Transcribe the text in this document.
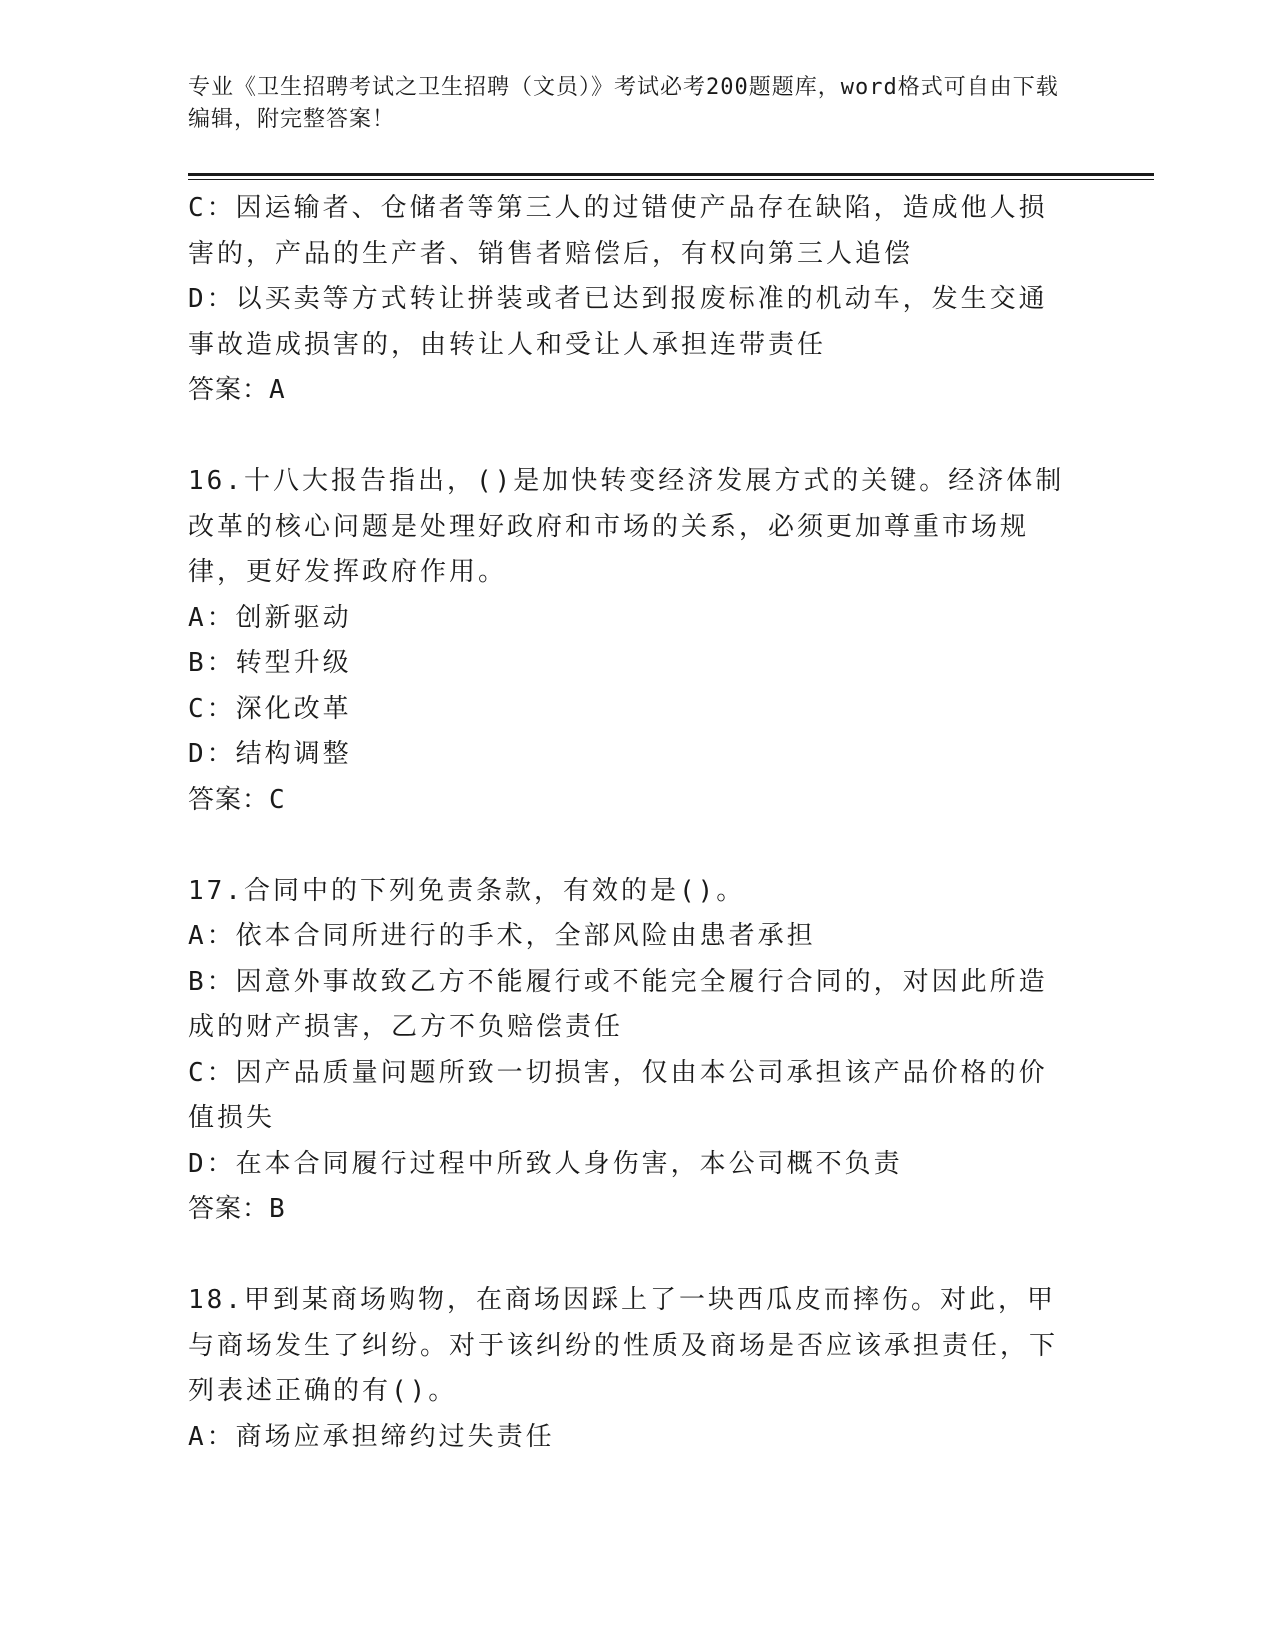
专业《卫生招聘考试之卫生招聘（文员）》考试必考200题题库，word格式可自由下载编辑，附完整答案！

C：因运输者、仓储者等第三人的过错使产品存在缺陷，造成他人损害的，产品的生产者、销售者赔偿后，有权向第三人追偿

D：以买卖等方式转让拼装或者已达到报废标准的机动车，发生交通事故造成损害的，由转让人和受让人承担连带责任

答案：A

16.十八大报告指出，()是加快转变经济发展方式的关键。经济体制改革的核心问题是处理好政府和市场的关系，必须更加尊重市场规律，更好发挥政府作用。

A：创新驱动

B：转型升级

C：深化改革

D：结构调整

答案：C

17.合同中的下列免责条款，有效的是()。

A：依本合同所进行的手术，全部风险由患者承担

B：因意外事故致乙方不能履行或不能完全履行合同的，对因此所造成的财产损害，乙方不负赔偿责任

C：因产品质量问题所致一切损害，仅由本公司承担该产品价格的价值损失

D：在本合同履行过程中所致人身伤害，本公司概不负责

答案：B

18.甲到某商场购物，在商场因踩上了一块西瓜皮而摔伤。对此，甲与商场发生了纠纷。对于该纠纷的性质及商场是否应该承担责任，下列表述正确的有()。

A：商场应承担缔约过失责任
